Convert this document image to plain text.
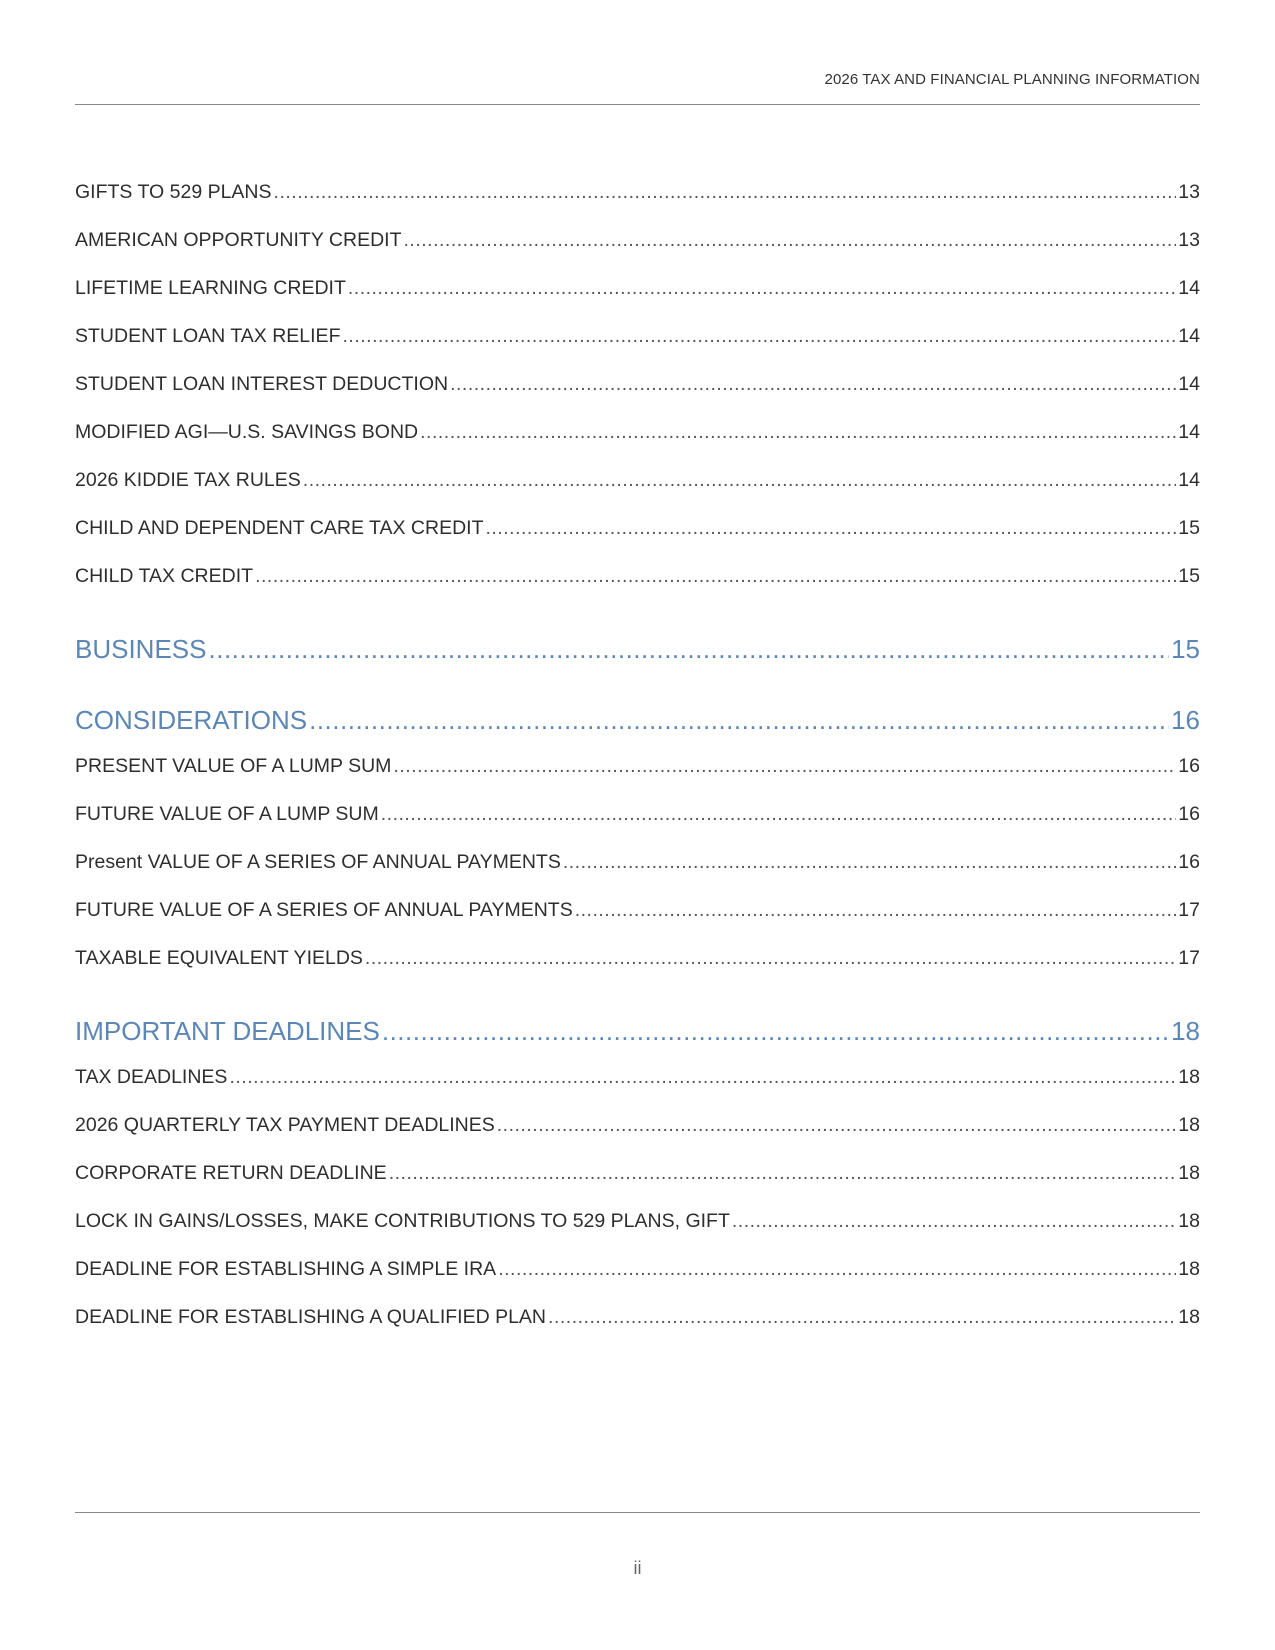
2026 TAX AND FINANCIAL PLANNING INFORMATION
GIFTS TO 529 PLANS .....	13
AMERICAN OPPORTUNITY CREDIT .....	13
LIFETIME LEARNING CREDIT .....	14
STUDENT LOAN TAX RELIEF .....	14
STUDENT LOAN INTEREST DEDUCTION .....	14
MODIFIED AGI—U.S. SAVINGS BOND .....	14
2026 KIDDIE TAX RULES .....	14
CHILD AND DEPENDENT CARE TAX CREDIT .....	15
CHILD TAX CREDIT .....	15
BUSINESS .....	15
CONSIDERATIONS .....	16
PRESENT VALUE OF A LUMP SUM .....	16
FUTURE VALUE OF A LUMP SUM .....	16
Present VALUE OF A SERIES OF ANNUAL PAYMENTS .....	16
FUTURE VALUE OF A SERIES OF ANNUAL PAYMENTS .....	17
TAXABLE EQUIVALENT YIELDS .....	17
IMPORTANT DEADLINES .....	18
TAX DEADLINES .....	18
2026 QUARTERLY TAX PAYMENT DEADLINES .....	18
CORPORATE RETURN DEADLINE .....	18
LOCK IN GAINS/LOSSES, MAKE CONTRIBUTIONS TO 529 PLANS, GIFT .....	18
DEADLINE FOR ESTABLISHING A SIMPLE IRA .....	18
DEADLINE FOR ESTABLISHING A QUALIFIED PLAN .....	18
ii
